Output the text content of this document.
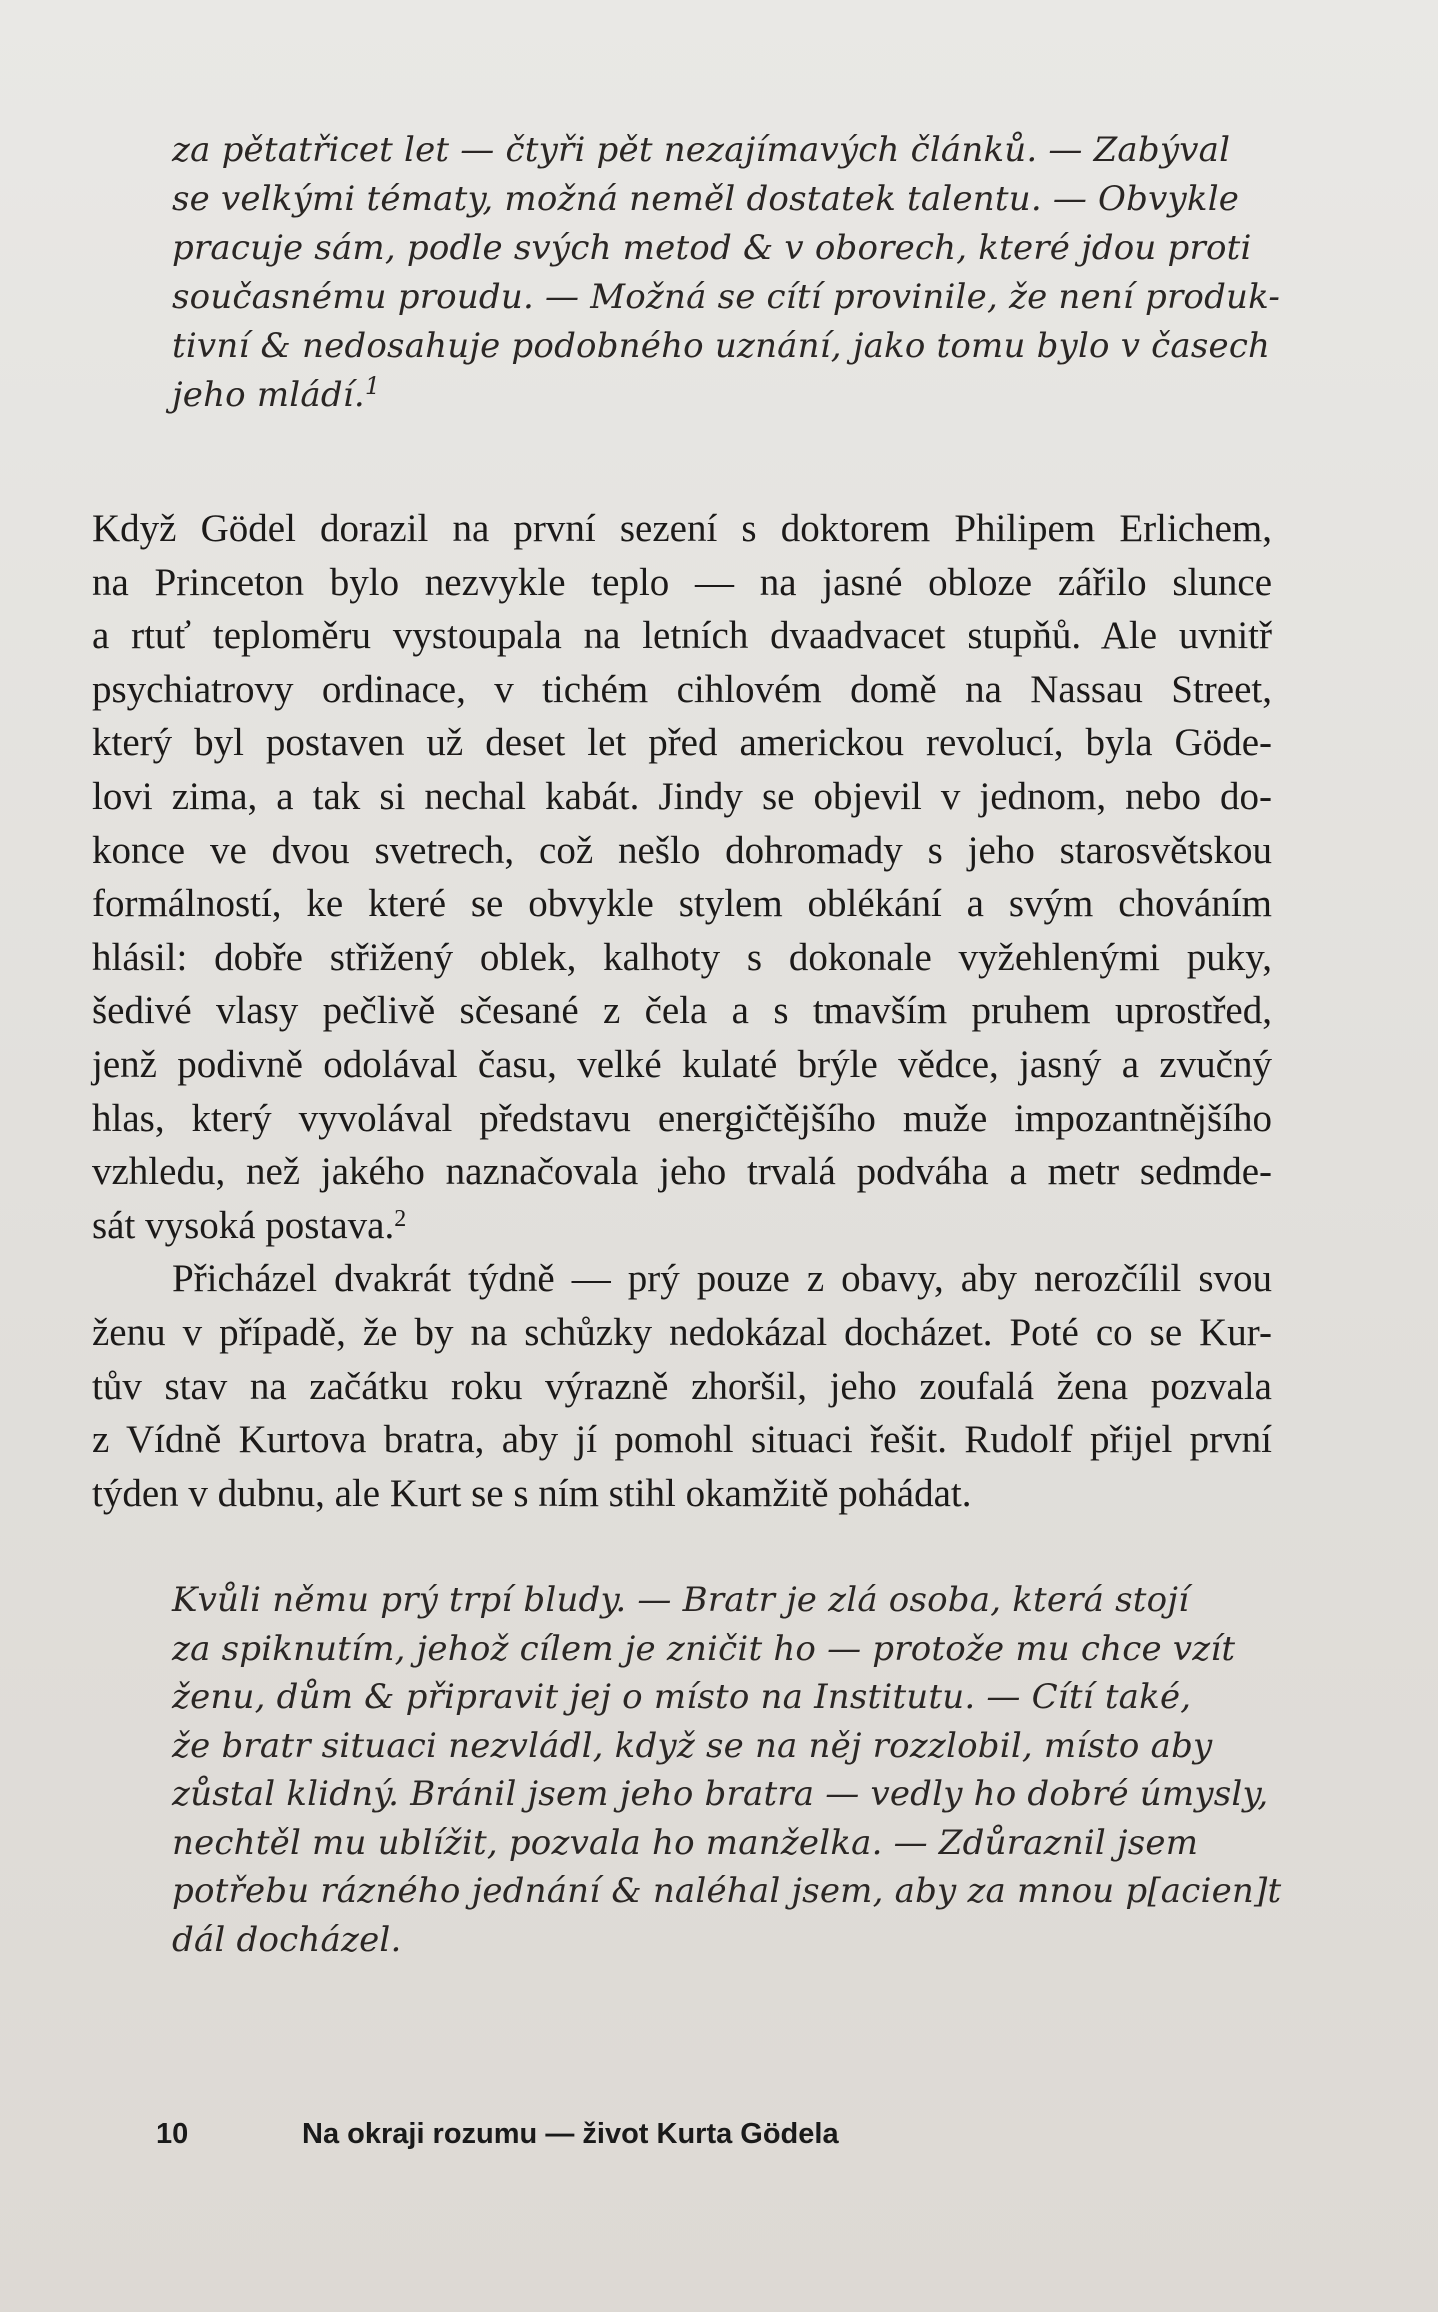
za pětatřicet let — čtyři pět nezajímavých článků. — Zabýval
se velkými tématy, možná neměl dostatek talentu. — Obvykle
pracuje sám, podle svých metod & v oborech, které jdou proti
současnému proudu. — Možná se cítí provinile, že není produk-
tivní & nedosahuje podobného uznání, jako tomu bylo v časech
jeho mládí.$^1$
Když Gödel dorazil na první sezení s doktorem Philipem Erlichem,
na Princeton bylo nezvykle teplo — na jasné obloze zářilo slunce
a rtuť teploměru vystoupala na letních dvaadvacet stupňů. Ale uvnitř
psychiatrovy ordinace, v tichém cihlovém domě na Nassau Street,
který byl postaven už deset let před americkou revolucí, byla Göde-
lovi zima, a tak si nechal kabát. Jindy se objevil v jednom, nebo do-
konce ve dvou svetrech, což nešlo dohromady s jeho starosvětskou
formálností, ke které se obvykle stylem oblékání a svým chováním
hlásil: dobře střižený oblek, kalhoty s dokonale vyžehlenými puky,
šedivé vlasy pečlivě sčesané z čela a s tmavším pruhem uprostřed,
jenž podivně odolával času, velké kulaté brýle vědce, jasný a zvučný
hlas, který vyvolával představu energičtějšího muže impozantnějšího
vzhledu, než jakého naznačovala jeho trvalá podváha a metr sedmde-
sát vysoká postava.$^2$
Přicházel dvakrát týdně — prý pouze z obavy, aby nerozčílil svou
ženu v případě, že by na schůzky nedokázal docházet. Poté co se Kur-
tův stav na začátku roku výrazně zhoršil, jeho zoufalá žena pozvala
z Vídně Kurtova bratra, aby jí pomohl situaci řešit. Rudolf přijel první
týden v dubnu, ale Kurt se s ním stihl okamžitě pohádat.
Kvůli němu prý trpí bludy. — Bratr je zlá osoba, která stojí
za spiknutím, jehož cílem je zničit ho — protože mu chce vzít
ženu, dům & připravit jej o místo na Institutu. — Cítí také,
že bratr situaci nezvládl, když se na něj rozzlobil, místo aby
zůstal klidný. Bránil jsem jeho bratra — vedly ho dobré úmysly,
nechtěl mu ublížit, pozvala ho manželka. — Zdůraznil jsem
potřebu rázného jednání & naléhal jsem, aby za mnou p[acien]t
dál docházel.
10	Na okraji rozumu — život Kurta Gödela
